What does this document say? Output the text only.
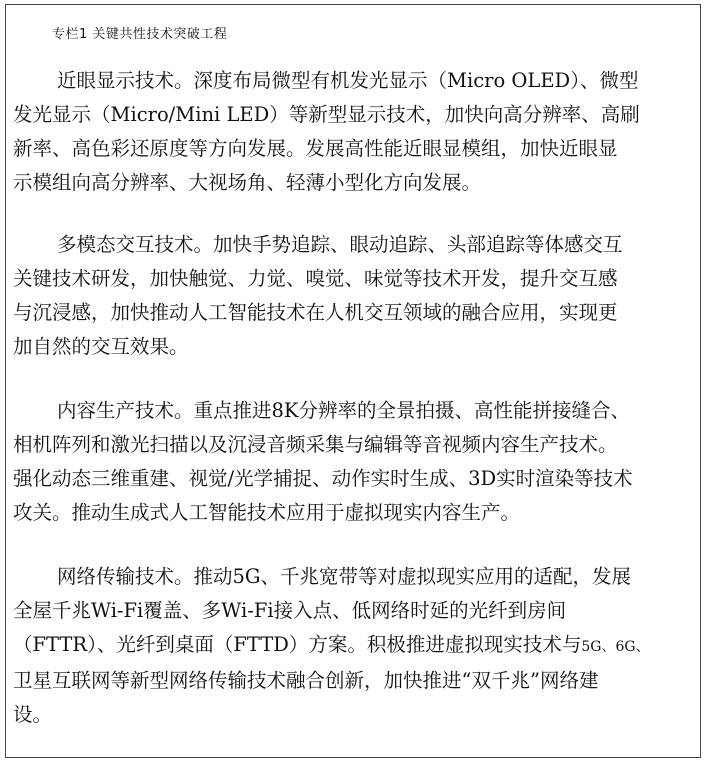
专栏1 关键共性技术突破工程
近眼显示技术。深度布局微型有机发光显示（Micro OLED）、微型
发光显示（Micro/Mini LED）等新型显示技术，加快向高分辨率、高刷
新率、高色彩还原度等方向发展。发展高性能近眼显模组，加快近眼显
示模组向高分辨率、大视场角、轻薄小型化方向发展。
多模态交互技术。加快手势追踪、眼动追踪、头部追踪等体感交互
关键技术研发，加快触觉、力觉、嗅觉、味觉等技术开发，提升交互感
与沉浸感，加快推动人工智能技术在人机交互领域的融合应用，实现更
加自然的交互效果。
内容生产技术。重点推进8K分辨率的全景拍摄、高性能拼接缝合、
相机阵列和激光扫描以及沉浸音频采集与编辑等音视频内容生产技术。
强化动态三维重建、视觉/光学捕捉、动作实时生成、3D实时渲染等技术
攻关。推动生成式人工智能技术应用于虚拟现实内容生产。
网络传输技术。推动5G、千兆宽带等对虚拟现实应用的适配，发展
全屋千兆Wi-Fi覆盖、多Wi-Fi接入点、低网络时延的光纤到房间
（FTTR）、光纤到桌面（FTTD）方案。积极推进虚拟现实技术与5G、6G、
卫星互联网等新型网络传输技术融合创新，加快推进“双千兆”网络建
设。
